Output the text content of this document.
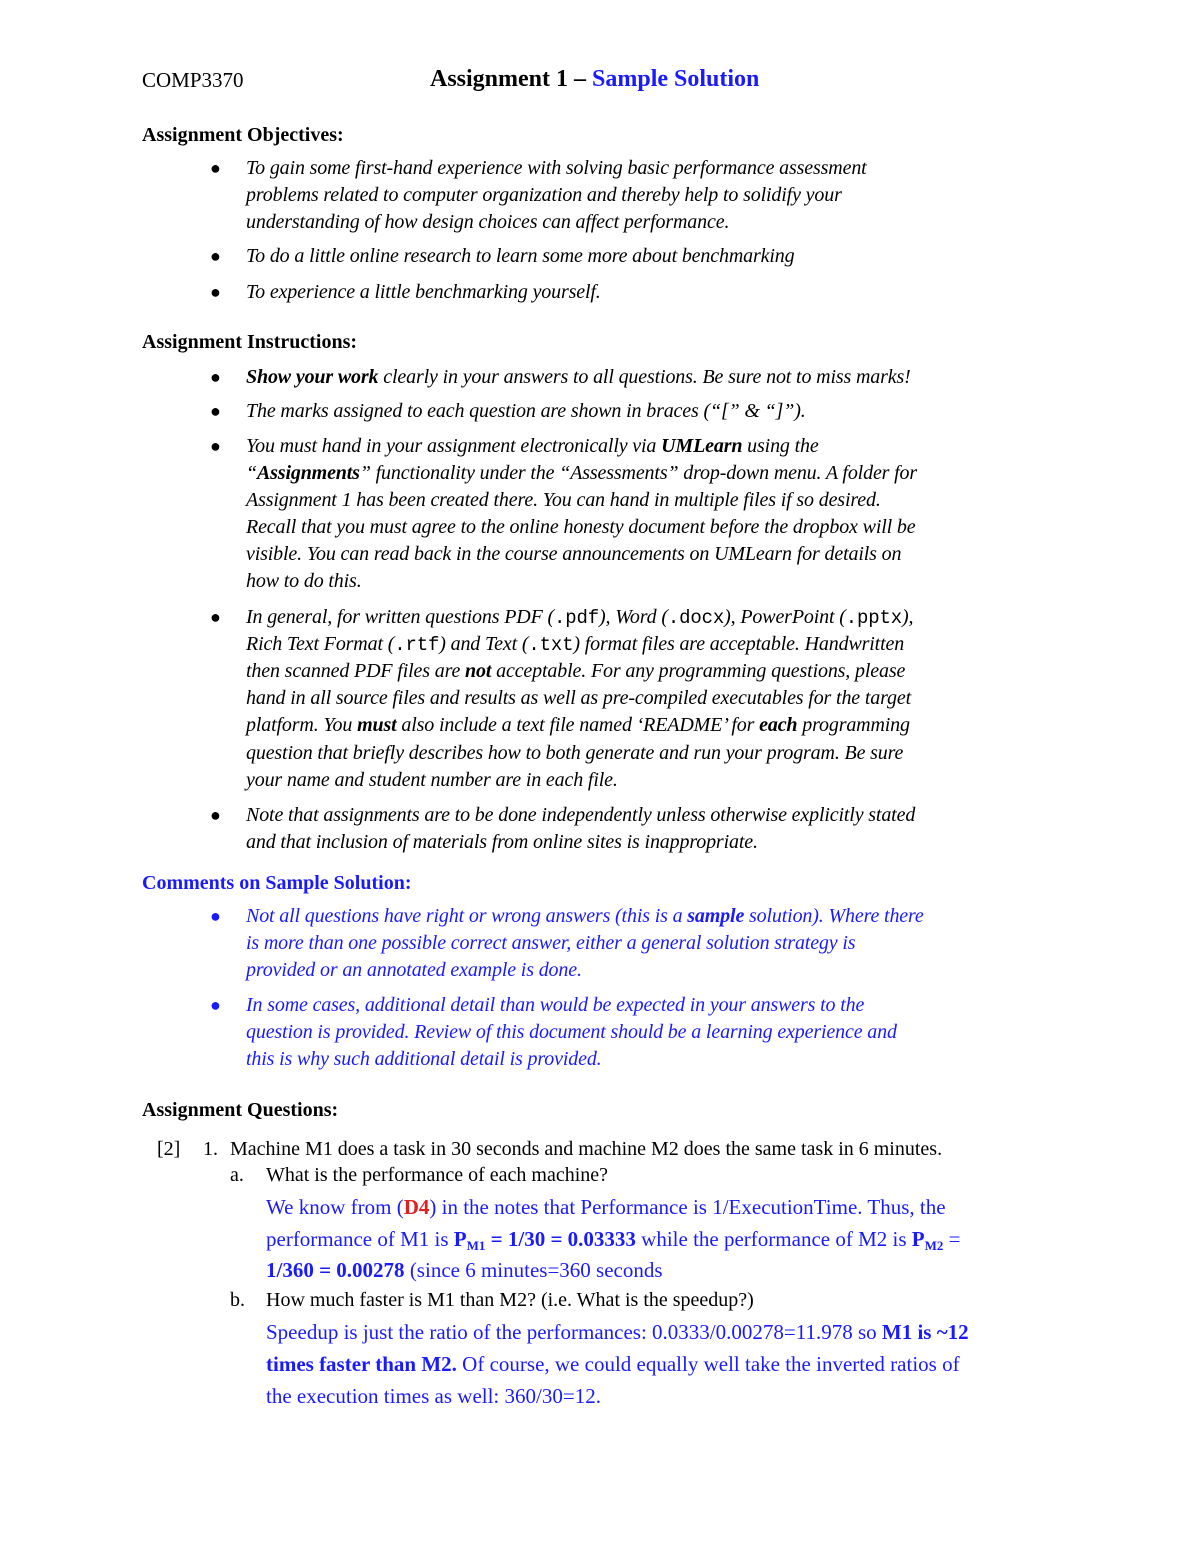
COMP3370	Assignment 1 – Sample Solution
Assignment Objectives:
● To gain some first-hand experience with solving basic performance assessment
problems related to computer organization and thereby help to solidify your
understanding of how design choices can affect performance.
● To do a little online research to learn some more about benchmarking
● To experience a little benchmarking yourself.
Assignment Instructions:
● Show your work clearly in your answers to all questions. Be sure not to miss marks!
● The marks assigned to each question are shown in braces (“[” & “]”).
● You must hand in your assignment electronically via UMLearn using the
“Assignments” functionality under the “Assessments” drop-down menu. A folder for
Assignment 1 has been created there. You can hand in multiple files if so desired.
Recall that you must agree to the online honesty document before the dropbox will be
visible. You can read back in the course announcements on UMLearn for details on
how to do this.
● In general, for written questions PDF (.pdf), Word (.docx), PowerPoint (.pptx),
Rich Text Format (.rtf) and Text (.txt) format files are acceptable. Handwritten
then scanned PDF files are not acceptable. For any programming questions, please
hand in all source files and results as well as pre-compiled executables for the target
platform. You must also include a text file named ‘README’ for each programming
question that briefly describes how to both generate and run your program. Be sure
your name and student number are in each file.
● Note that assignments are to be done independently unless otherwise explicitly stated
and that inclusion of materials from online sites is inappropriate.
Comments on Sample Solution:
● Not all questions have right or wrong answers (this is a sample solution). Where there
is more than one possible correct answer, either a general solution strategy is
provided or an annotated example is done.
● In some cases, additional detail than would be expected in your answers to the
question is provided. Review of this document should be a learning experience and
this is why such additional detail is provided.
Assignment Questions:
[2] 1. Machine M1 does a task in 30 seconds and machine M2 does the same task in 6 minutes.
a. What is the performance of each machine?
We know from (D4) in the notes that Performance is 1/ExecutionTime. Thus, the
performance of M1 is $P_{M1} = 1/30 = 0.03333$ while the performance of M2 is $P_{M2}$ =
1/360 = 0.00278 (since 6 minutes=360 seconds
b. How much faster is M1 than M2? (i.e. What is the speedup?)
Speedup is just the ratio of the performances: 0.0333/0.00278=11.978 so M1 is ~12
times faster than M2. Of course, we could equally well take the inverted ratios of
the execution times as well: 360/30=12.
